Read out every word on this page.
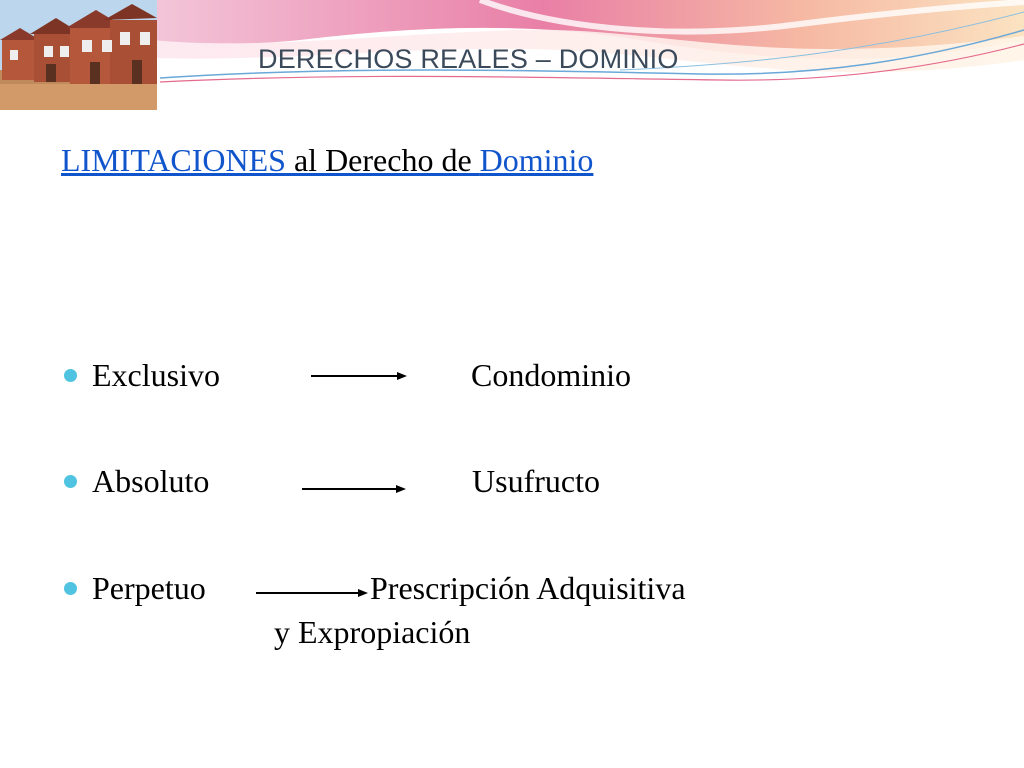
DERECHOS REALES – DOMINIO
LIMITACIONES al Derecho de Dominio
Exclusivo	Condominio
Absoluto	Usufructo
Perpetuo	Prescripción Adquisitiva
y Expropiación
